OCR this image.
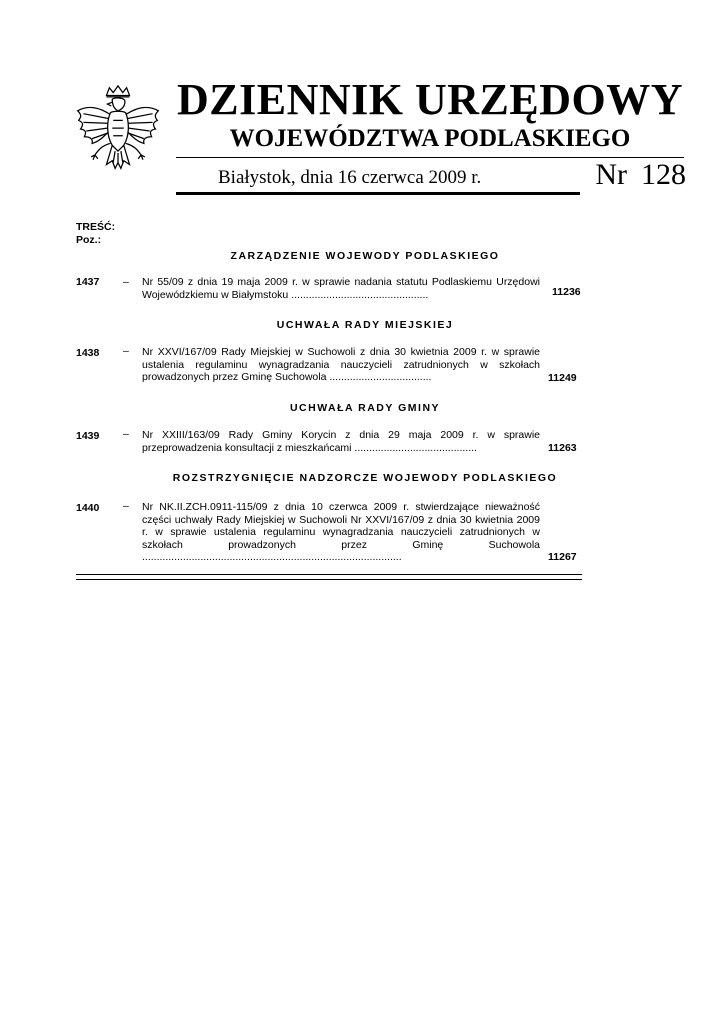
DZIENNIK URZĘDOWY
WOJEWÓDZTWA PODLASKIEGO
Białystok, dnia 16 czerwca 2009 r.	Nr 128
TREŚĆ:
Poz.:
ZARZĄDZENIE WOJEWODY PODLASKIEGO
1437 – Nr 55/09 z dnia 19 maja 2009 r. w sprawie nadania statutu Podlaskiemu Urzędowi Wojewódzkiemu w Białymstoku ...............................................	11236
UCHWAŁA RADY MIEJSKIEJ
1438 – Nr XXVI/167/09 Rady Miejskiej w Suchowoli z dnia 30 kwietnia 2009 r. w sprawie ustalenia regulaminu wynagradzania nauczycieli zatrudnionych w szkołach prowadzonych przez Gminę Suchowola ...................................	11249
UCHWAŁA RADY GMINY
1439 – Nr XXIII/163/09 Rady Gminy Korycin z dnia 29 maja 2009 r. w sprawie przeprowadzenia konsultacji z mieszkańcami ..........................................	11263
ROZSTRZYGNIĘCIE NADZORCZE WOJEWODY PODLASKIEGO
1440 – Nr NK.II.ZCH.0911-115/09 z dnia 10 czerwca 2009 r. stwierdzające nieważność części uchwały Rady Miejskiej w Suchowoli Nr XXVI/167/09 z dnia 30 kwietnia 2009 r. w sprawie ustalenia regulaminu wynagradzania nauczycieli zatrudnionych w szkołach prowadzonych przez Gminę Suchowola .........................................................................................	11267
